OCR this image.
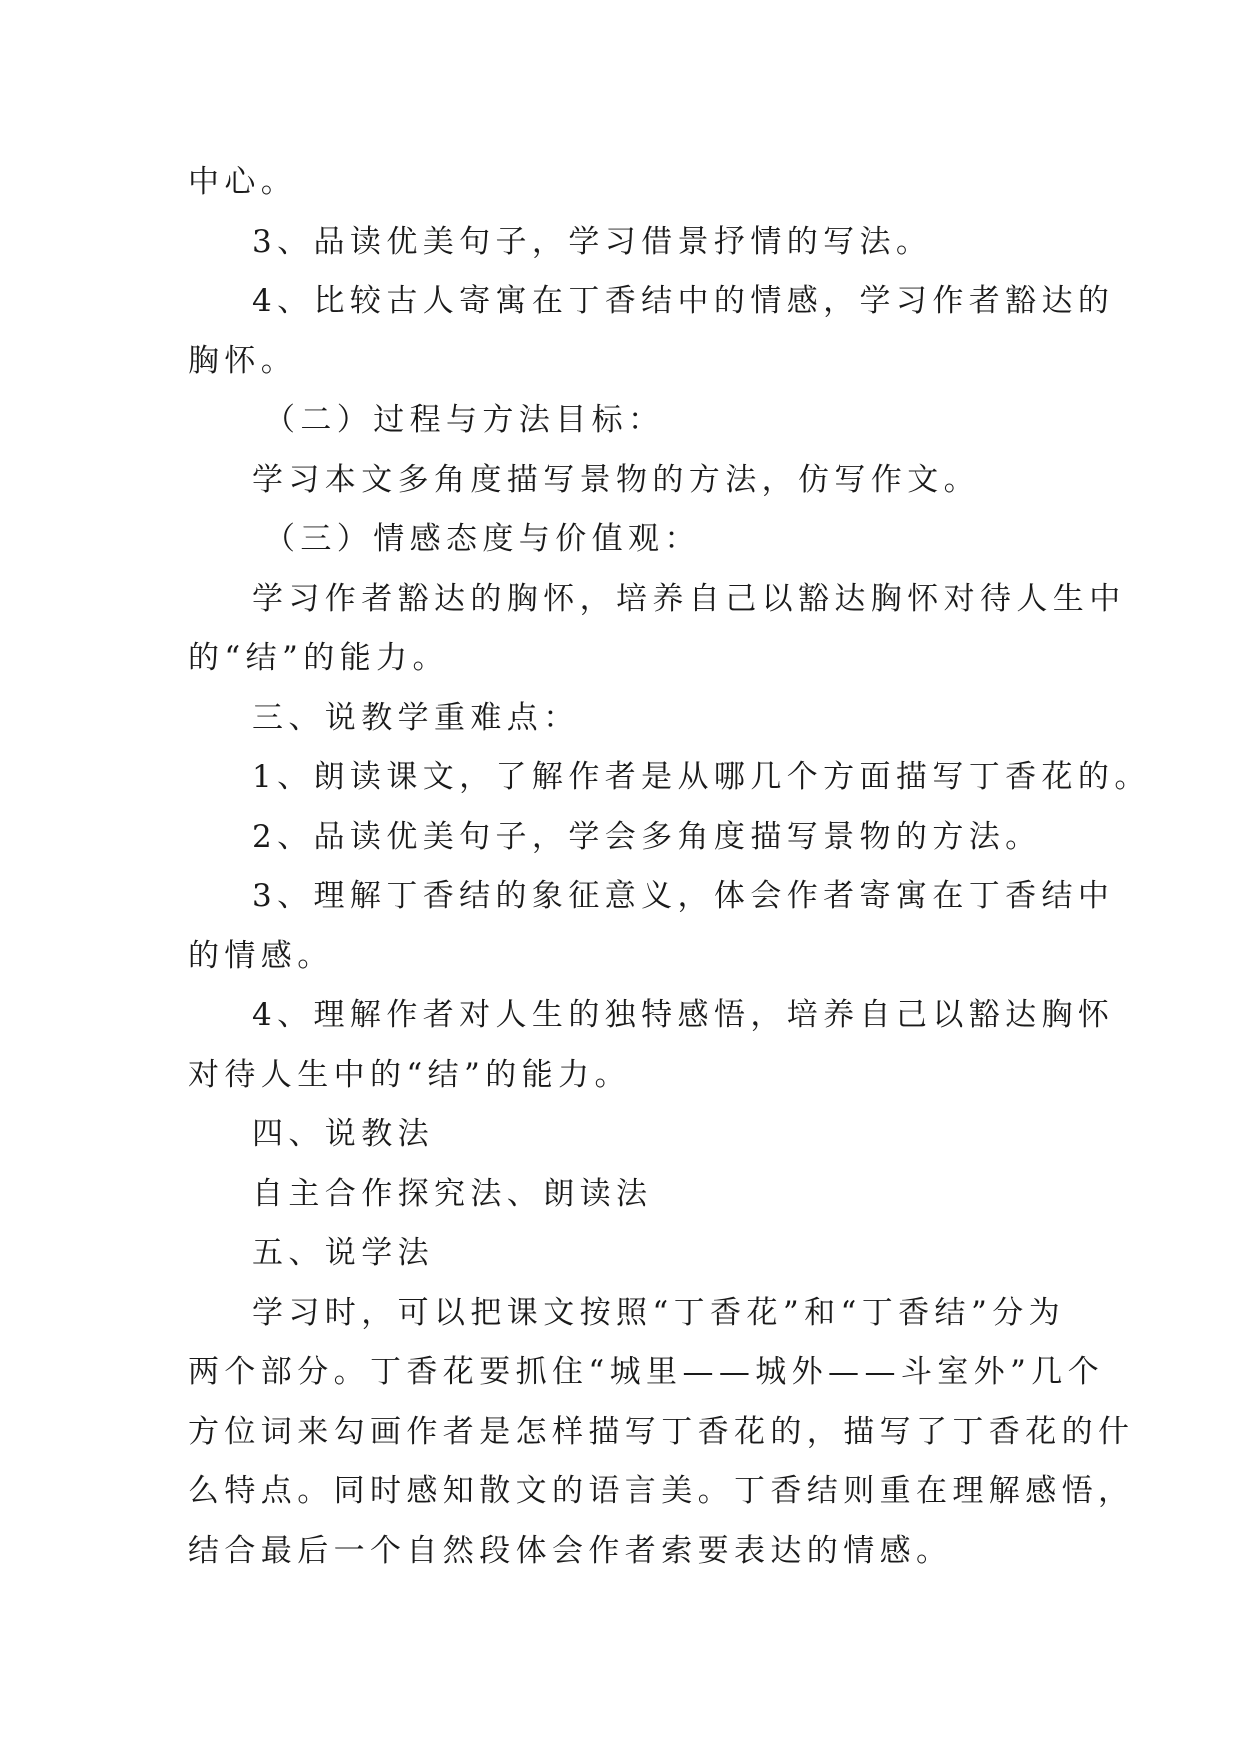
中心。
3、品读优美句子，学习借景抒情的写法。
4、比较古人寄寓在丁香结中的情感，学习作者豁达的
胸怀。
（二）过程与方法目标：
学习本文多角度描写景物的方法，仿写作文。
（三）情感态度与价值观：
学习作者豁达的胸怀，培养自己以豁达胸怀对待人生中
的“结”的能力。
三、说教学重难点：
1、朗读课文，了解作者是从哪几个方面描写丁香花的。
2、品读优美句子，学会多角度描写景物的方法。
3、理解丁香结的象征意义，体会作者寄寓在丁香结中
的情感。
4、理解作者对人生的独特感悟，培养自己以豁达胸怀
对待人生中的“结”的能力。
四、说教法
自主合作探究法、朗读法
五、说学法
学习时，可以把课文按照“丁香花”和“丁香结”分为
两个部分。丁香花要抓住“城里——城外——斗室外”几个
方位词来勾画作者是怎样描写丁香花的，描写了丁香花的什
么特点。同时感知散文的语言美。丁香结则重在理解感悟，
结合最后一个自然段体会作者索要表达的情感。
